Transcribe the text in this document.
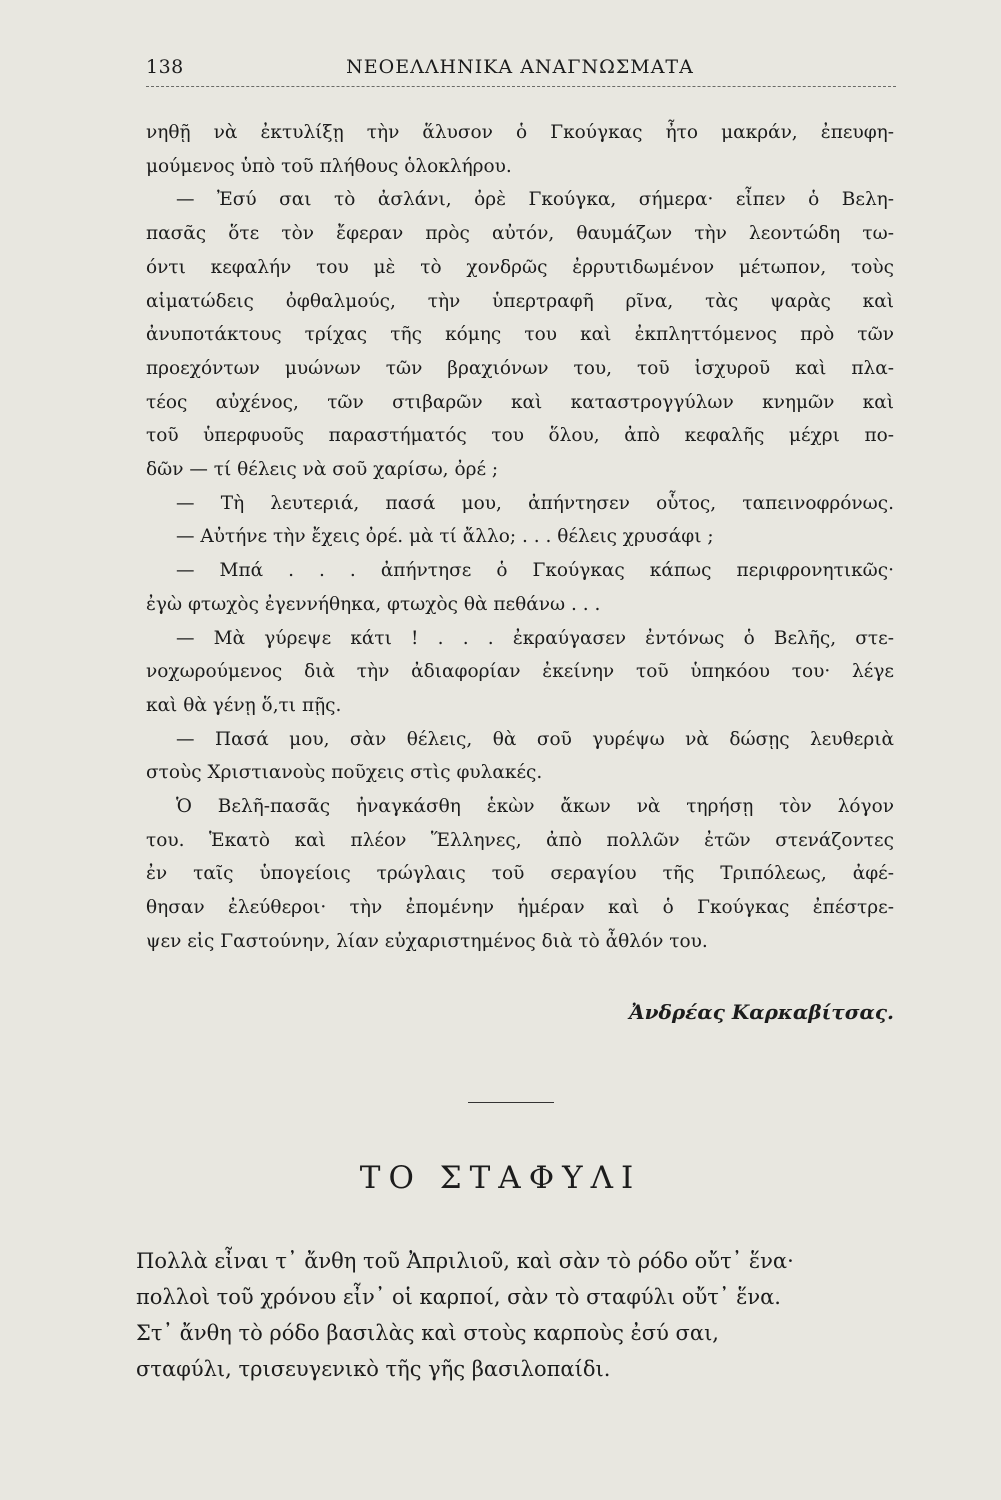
138	ΝΕΟΕΛΛΗΝΙΚΑ ΑΝΑΓΝΩΣΜΑΤΑ
νηθῇ νὰ ἐκτυλίξῃ τὴν ἅλυσον ὁ Γκούγκας ἦτο μακράν, ἐπευφη-
μούμενος ὑπὸ τοῦ πλήθους ὁλοκλήρου.
— Ἐσύ σαι τὸ ἀσλάνι, ὀρὲ Γκούγκα, σήμερα· εἶπεν ὁ Βελη-
πασᾶς ὅτε τὸν ἔφεραν πρὸς αὐτόν, θαυμάζων τὴν λεοντώδη τω-
όντι κεφαλήν του μὲ τὸ χονδρῶς ἐρρυτιδωμένον μέτωπον, τοὺς
αἱματώδεις ὀφθαλμούς, τὴν ὑπερτραφῆ ρῖνα, τὰς ψαρὰς καὶ
ἀνυποτάκτους τρίχας τῆς κόμης του καὶ ἐκπληττόμενος πρὸ τῶν
προεχόντων μυώνων τῶν βραχιόνων του, τοῦ ἰσχυροῦ καὶ πλα-
τέος αὐχένος, τῶν στιβαρῶν καὶ καταστρογγύλων κνημῶν καὶ
τοῦ ὑπερφυοῦς παραστήματός του ὅλου, ἀπὸ κεφαλῆς μέχρι πο-
δῶν — τί θέλεις νὰ σοῦ χαρίσω, ὀρέ ;
— Τὴ λευτεριά, πασά μου, ἀπήντησεν οὗτος, ταπεινοφρόνως.
— Αὐτήνε τὴν ἔχεις ὀρέ. μὰ τί ἄλλο; . . . θέλεις χρυσάφι ;
— Μπά . . . ἀπήντησε ὁ Γκούγκας κάπως περιφρονητικῶς·
ἐγὼ φτωχὸς ἐγεννήθηκα, φτωχὸς θὰ πεθάνω . . .
— Μὰ γύρεψε κάτι ! . . . ἐκραύγασεν ἐντόνως ὁ Βελῆς, στε-
νοχωρούμενος διὰ τὴν ἀδιαφορίαν ἐκείνην τοῦ ὑπηκόου του· λέγε
καὶ θὰ γένῃ ὅ,τι πῇς.
— Πασά μου, σὰν θέλεις, θὰ σοῦ γυρέψω νὰ δώσῃς λευθεριὰ
στοὺς Χριστιανοὺς ποῦχεις στὶς φυλακές.
Ὁ Βελῆ-πασᾶς ἠναγκάσθη ἑκὼν ἄκων νὰ τηρήσῃ τὸν λόγον
του. Ἑκατὸ καὶ πλέον Ἕλληνες, ἀπὸ πολλῶν ἐτῶν στενάζοντες
ἐν ταῖς ὑπογείοις τρώγλαις τοῦ σεραγίου τῆς Τριπόλεως, ἀφέ-
θησαν ἐλεύθεροι· τὴν ἐπομένην ἡμέραν καὶ ὁ Γκούγκας ἐπέστρε-
ψεν εἰς Γαστούνην, λίαν εὐχαριστημένος διὰ τὸ ἆθλόν του.
Ἀνδρέας Καρκαβίτσας.
ΤΟ ΣΤΑΦΥΛΙ
Πολλὰ εἶναι τ᾽ ἄνθη τοῦ Ἀπριλιοῦ, καὶ σὰν τὸ ρόδο οὔτ᾽ ἕνα·
πολλοὶ τοῦ χρόνου εἶν᾽ οἱ καρποί, σὰν τὸ σταφύλι οὔτ᾽ ἕνα.
Στ᾽ ἄνθη τὸ ρόδο βασιλὰς καὶ στοὺς καρποὺς ἐσύ σαι,
σταφύλι, τρισευγενικὸ τῆς γῆς βασιλοπαίδι.
